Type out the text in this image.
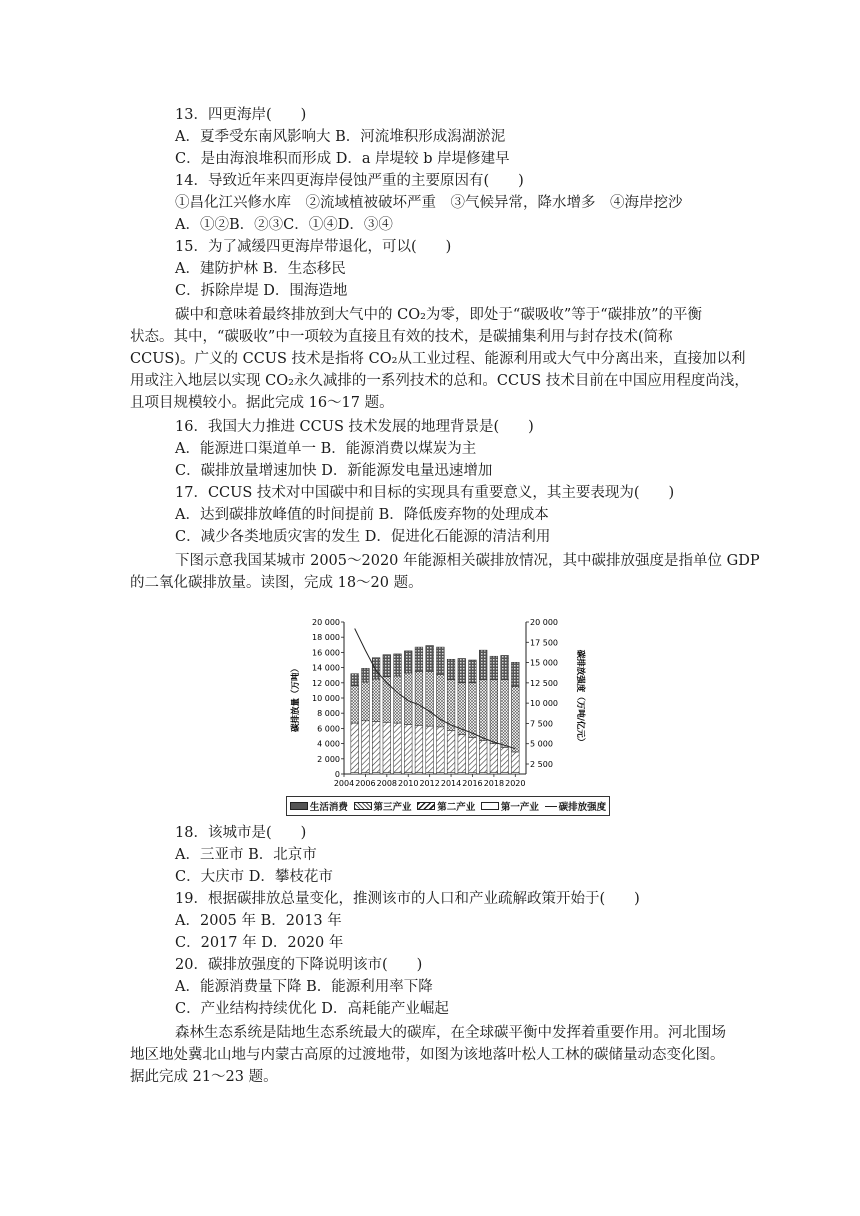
13．四更海岸(　　)
A．夏季受东南风影响大 B．河流堆积形成潟湖淤泥
C．是由海浪堆积而形成 D．a 岸堤较 b 岸堤修建早
14．导致近年来四更海岸侵蚀严重的主要原因有(　　)
①昌化江兴修水库　②流域植被破坏严重　③气候异常，降水增多　④海岸挖沙
A．①②B．②③C．①④D．③④
15．为了减缓四更海岸带退化，可以(　　)
A．建防护林 B．生态移民
C．拆除岸堤 D．围海造地
碳中和意味着最终排放到大气中的 CO₂为零，即处于“碳吸收”等于“碳排放”的平衡
状态。其中，“碳吸收”中一项较为直接且有效的技术，是碳捕集利用与封存技术(简称
CCUS)。广义的 CCUS 技术是指将 CO₂从工业过程、能源利用或大气中分离出来，直接加以利
用或注入地层以实现 CO₂永久减排的一系列技术的总和。CCUS 技术目前在中国应用程度尚浅，
且项目规模较小。据此完成 16～17 题。
16．我国大力推进 CCUS 技术发展的地理背景是(　　)
A．能源进口渠道单一 B．能源消费以煤炭为主
C．碳排放量增速加快 D．新能源发电量迅速增加
17．CCUS 技术对中国碳中和目标的实现具有重要意义，其主要表现为(　　)
A．达到碳排放峰值的时间提前 B．降低废弃物的处理成本
C．减少各类地质灾害的发生 D．促进化石能源的清洁利用
下图示意我国某城市 2005～2020 年能源相关碳排放情况，其中碳排放强度是指单位 GDP
的二氧化碳排放量。读图，完成 18～20 题。
18．该城市是(　　)
A．三亚市 B．北京市
C．大庆市 D．攀枝花市
19．根据碳排放总量变化，推测该市的人口和产业疏解政策开始于(　　)
A．2005 年 B．2013 年
C．2017 年 D．2020 年
20．碳排放强度的下降说明该市(　　)
A．能源消费量下降 B．能源利用率下降
C．产业结构持续优化 D．高耗能产业崛起
森林生态系统是陆地生态系统最大的碳库，在全球碳平衡中发挥着重要作用。河北围场
地区地处冀北山地与内蒙古高原的过渡地带，如图为该地落叶松人工林的碳储量动态变化图。
据此完成 21～23 题。
20 000
18 000
16 000
14 000
12 000
10 000
8 000
6 000
4 000
2 000
0
20 000
17 500
15 000
12 500
10 000
7 500
5 000
2 500
碳排放量（万吨）	碳排放强度（万吨/亿元）
2004 2006 2008 2010 2012 2014 2016 2018 2020
生活消费	第三产业	第二产业	第一产业 碳排放强度
